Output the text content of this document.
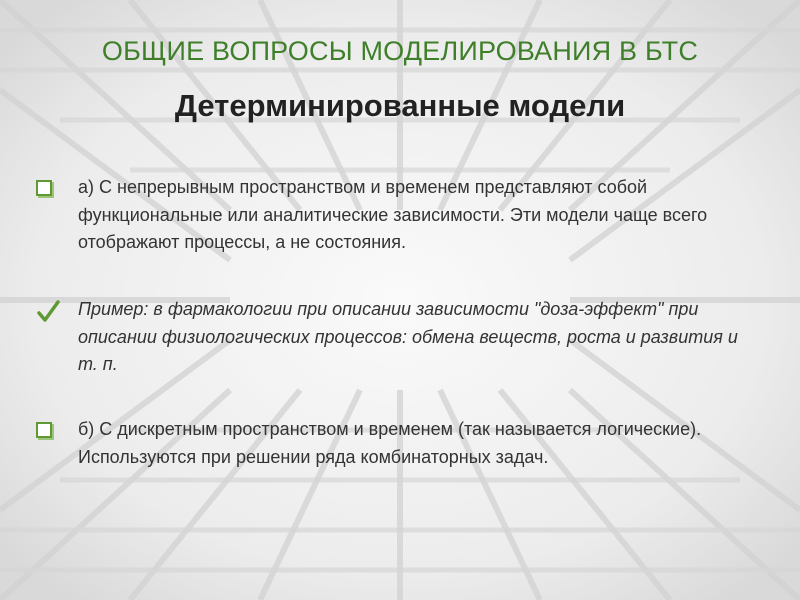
ОБЩИЕ ВОПРОСЫ МОДЕЛИРОВАНИЯ В БТС
Детерминированные модели
а) С непрерывным пространством и временем представляют собой функциональные или аналитические зависимости. Эти модели чаще всего отображают процессы, а не состояния.
Пример: в фармакологии при описании зависимости "доза-эффект" при описании физиологических процессов: обмена веществ, роста и развития и т. п.
б) С дискретным пространством и временем (так называется логические). Используются при решении ряда комбинаторных задач.
